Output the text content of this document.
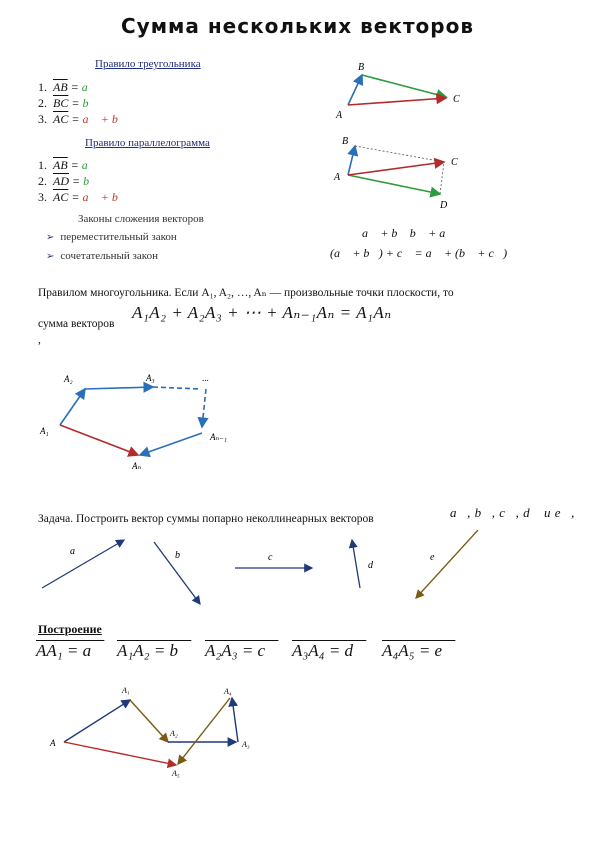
Сумма нескольких векторов
Правило треугольника
1. $\overline{AB}$ = a⃗
2. $\overline{BC}$ = b⃗
3. $\overline{AC}$ = a⃗ + b⃗
Правило параллелограмма
1. $\overline{AB}$ = a⃗
2. $\overline{AD}$ = b⃗
3. $\overline{AC}$ = a⃗ + b⃗
Законы сложения векторов
➢ переместительный закон
➢ сочетательный закон
a⃗ + b⃗ b⃗ + a⃗
(a⃗ + b⃗) + c⃗ = a⃗ + (b⃗ + c⃗)
A
B
C
A
B
C
D
Правилом многоугольника. Если A₁, A₂, …, Aₙ — произвольные точки плоскости, то
сумма векторов
A₁A₂ + A₂A₃ + ⋯ + Aₙ₋₁Aₙ = A₁Aₙ
,
A₁
A₂	A₃	...
Aₙ₋₁
Aₙ
Задача. Построить вектор суммы попарно неколлинеарных векторов	a⃗, b⃗, c⃗, d⃗ и e⃗,
a⃗	b⃗	c⃗
d⃗
e⃗
Построение
AA₁ = a⃗ A₁A₂ = b⃗ A₂A₃ = c⃗ A₃A₄ = d⃗ A₄A₅ = e⃗
A
A₁
A₂
A₃
A₄
A₅
